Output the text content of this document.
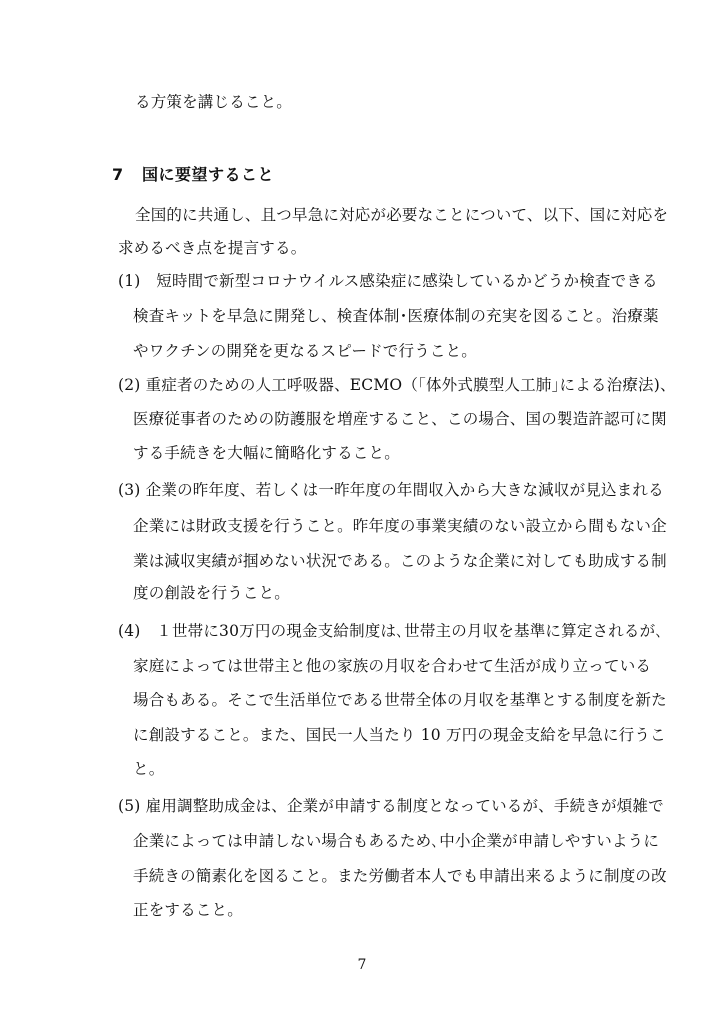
る方策を講じること。
7 国に要望すること
全国的に共通し、且つ早急に対応が必要なことについて、以下、国に対応を
求めるべき点を提言する。
(1)　短時間で新型コロナウイルス感染症に感染しているかどうか検査できる
検査キットを早急に開発し、検査体制･医療体制の充実を図ること。治療薬
やワクチンの開発を更なるスピードで行うこと。
(2) 重症者のための人工呼吸器、ECMO（｢体外式膜型人工肺｣による治療法)、
医療従事者のための防護服を増産すること、この場合、国の製造許認可に関
する手続きを大幅に簡略化すること。
(3) 企業の昨年度、若しくは一昨年度の年間収入から大きな減収が見込まれる
企業には財政支援を行うこと。昨年度の事業実績のない設立から間もない企
業は減収実績が掴めない状況である。このような企業に対しても助成する制
度の創設を行うこと。
(4)　１世帯に30万円の現金支給制度は､世帯主の月収を基準に算定されるが､
家庭によっては世帯主と他の家族の月収を合わせて生活が成り立っている
場合もある。そこで生活単位である世帯全体の月収を基準とする制度を新た
に創設すること。また、国民一人当たり 10 万円の現金支給を早急に行うこ
と。
(5) 雇用調整助成金は、企業が申請する制度となっているが、手続きが煩雑で
企業によっては申請しない場合もあるため､中小企業が申請しやすいように
手続きの簡素化を図ること。また労働者本人でも申請出来るように制度の改
正をすること。
7
